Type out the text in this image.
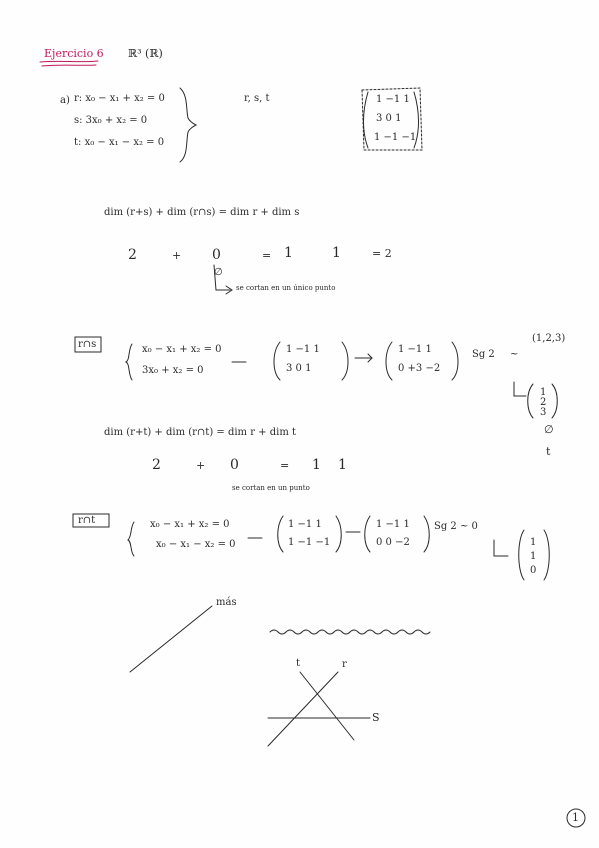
Ejercicio 6 ℝ³ (ℝ)
a) r: x₀ − x₁ + x₂ = 0
s: 3x₀ + x₂ = 0
t: x₀ − x₁ − x₂ = 0
r, s, t	1 −1 1
3 0 1
1 −1 −1
dim (r+s) + dim (r∩s) = dim r + dim s
2	+ 0	= 1	1	= 2
∅
se cortan en un único punto
r∩s	x₀ − x₁ + x₂ = 0
3x₀ + x₂ = 0
1 −1 1
3 0 1
1 −1 1
0 +3 −2
Sg 2 ~
(1,2,3)
1
2
3
dim (r+t) + dim (r∩t) = dim r + dim t
2	+ 0	= 1 1
∅
t
se cortan en un punto
r∩t	x₀ − x₁ + x₂ = 0
x₀ − x₁ − x₂ = 0
1 −1 1
1 −1 −1
1 −1 1
0 0 −2
Sg 2 ~ 0
1
1
0
más
t	r
S
1
